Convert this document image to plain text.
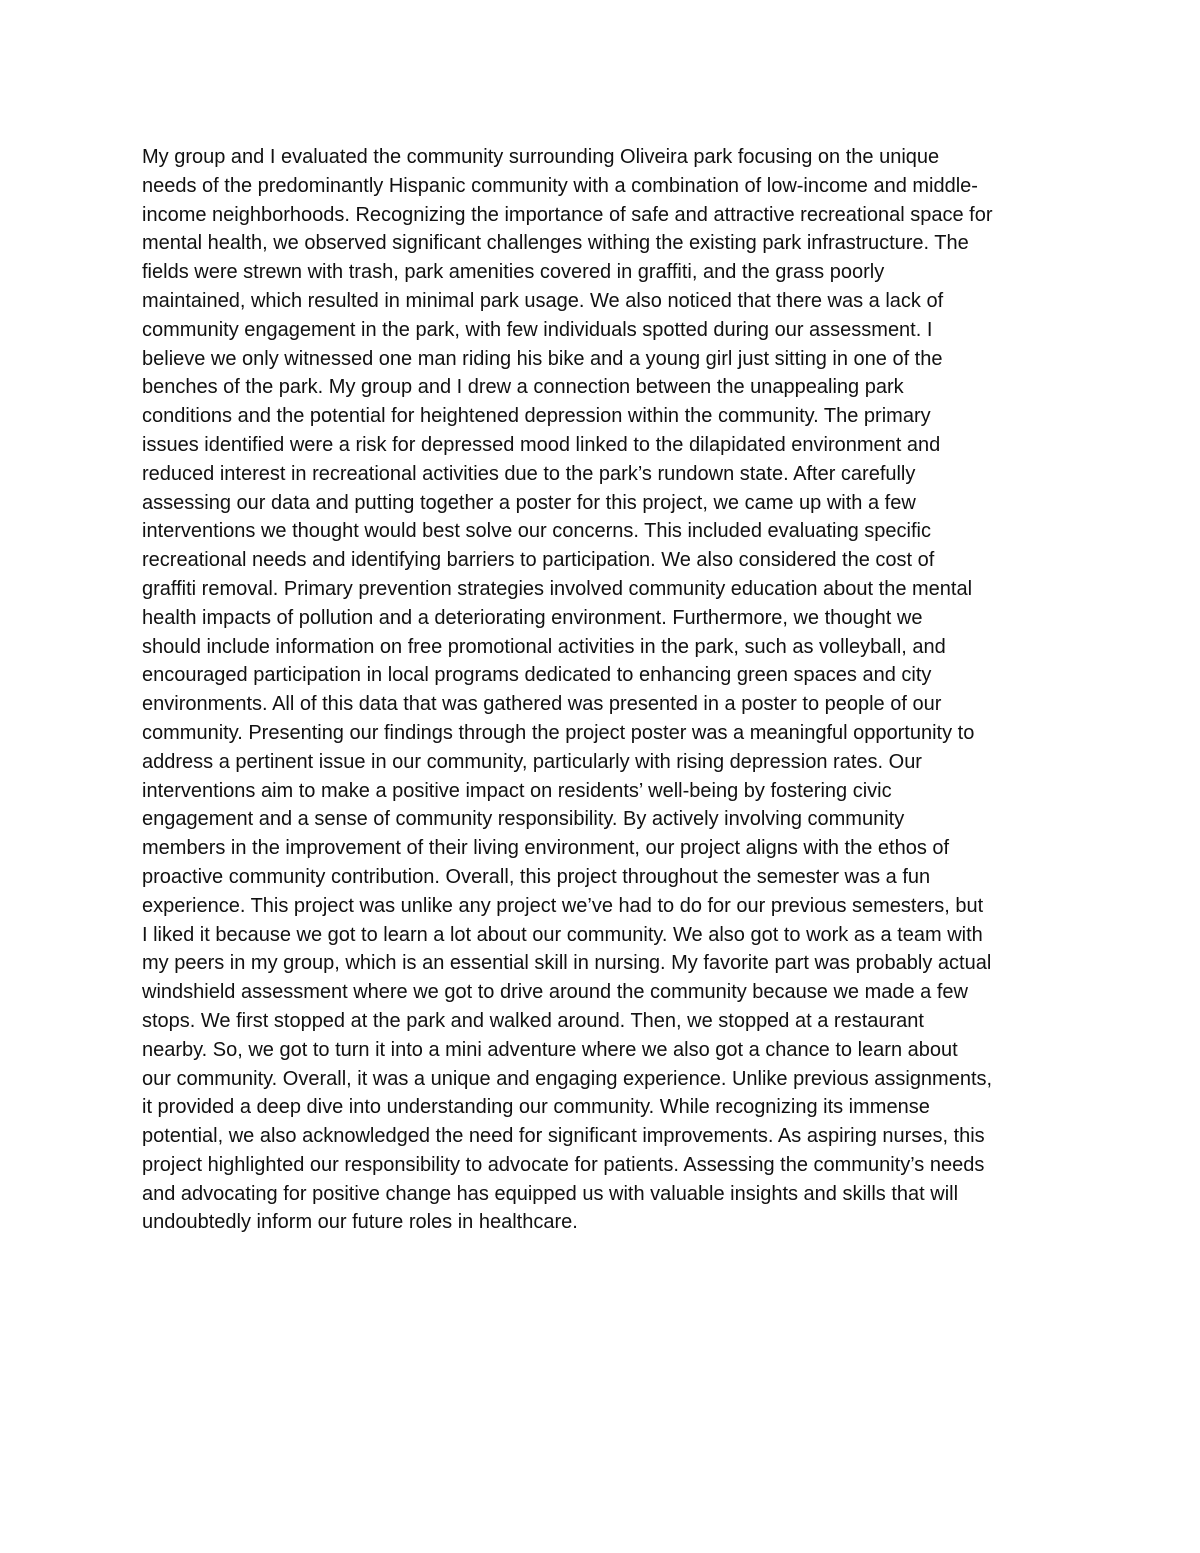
My group and I evaluated the community surrounding Oliveira park focusing on the unique
needs of the predominantly Hispanic community with a combination of low-income and middle-
income neighborhoods. Recognizing the importance of safe and attractive recreational space for
mental health, we observed significant challenges withing the existing park infrastructure. The
fields were strewn with trash, park amenities covered in graffiti, and the grass poorly
maintained, which resulted in minimal park usage. We also noticed that there was a lack of
community engagement in the park, with few individuals spotted during our assessment. I
believe we only witnessed one man riding his bike and a young girl just sitting in one of the
benches of the park. My group and I drew a connection between the unappealing park
conditions and the potential for heightened depression within the community. The primary
issues identified were a risk for depressed mood linked to the dilapidated environment and
reduced interest in recreational activities due to the park’s rundown state. After carefully
assessing our data and putting together a poster for this project, we came up with a few
interventions we thought would best solve our concerns. This included evaluating specific
recreational needs and identifying barriers to participation. We also considered the cost of
graffiti removal. Primary prevention strategies involved community education about the mental
health impacts of pollution and a deteriorating environment. Furthermore, we thought we
should include information on free promotional activities in the park, such as volleyball, and
encouraged participation in local programs dedicated to enhancing green spaces and city
environments. All of this data that was gathered was presented in a poster to people of our
community. Presenting our findings through the project poster was a meaningful opportunity to
address a pertinent issue in our community, particularly with rising depression rates. Our
interventions aim to make a positive impact on residents’ well-being by fostering civic
engagement and a sense of community responsibility. By actively involving community
members in the improvement of their living environment, our project aligns with the ethos of
proactive community contribution. Overall, this project throughout the semester was a fun
experience. This project was unlike any project we’ve had to do for our previous semesters, but
I liked it because we got to learn a lot about our community. We also got to work as a team with
my peers in my group, which is an essential skill in nursing. My favorite part was probably actual
windshield assessment where we got to drive around the community because we made a few
stops. We first stopped at the park and walked around. Then, we stopped at a restaurant
nearby. So, we got to turn it into a mini adventure where we also got a chance to learn about
our community. Overall, it was a unique and engaging experience. Unlike previous assignments,
it provided a deep dive into understanding our community. While recognizing its immense
potential, we also acknowledged the need for significant improvements. As aspiring nurses, this
project highlighted our responsibility to advocate for patients. Assessing the community’s needs
and advocating for positive change has equipped us with valuable insights and skills that will
undoubtedly inform our future roles in healthcare.
